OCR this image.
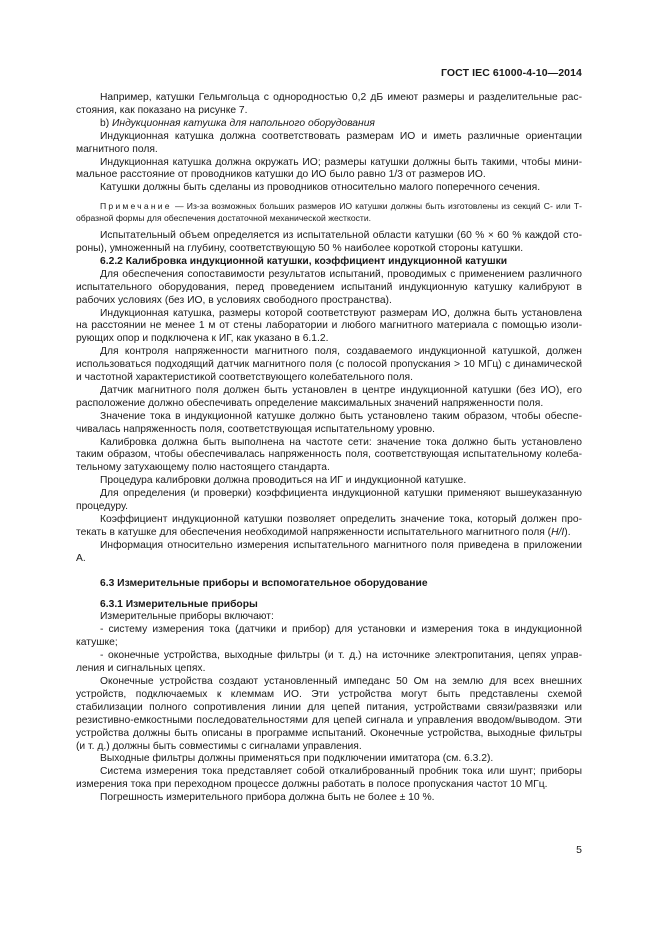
ГОСТ IEC 61000-4-10—2014

Например, катушки Гельмгольца с однородностью 0,2 дБ имеют размеры и разделительные расстояния, как показано на рисунке 7.

b) Индукционная катушка для напольного оборудования

Индукционная катушка должна соответствовать размерам ИО и иметь различные ориентации магнитного поля.

Индукционная катушка должна окружать ИО; размеры катушки должны быть такими, чтобы минимальное расстояние от проводников катушки до ИО было равно 1/3 от размеров ИО.

Катушки должны быть сделаны из проводников относительно малого поперечного сечения.

Примечание — Из-за возможных больших размеров ИО катушки должны быть изготовлены из секций С- или Т-образной формы для обеспечения достаточной механической жесткости.

Испытательный объем определяется из испытательной области катушки (60 % × 60 % каждой стороны), умноженный на глубину, соответствующую 50 % наиболее короткой стороны катушки.

6.2.2 Калибровка индукционной катушки, коэффициент индукционной катушки

Для обеспечения сопоставимости результатов испытаний, проводимых с применением различного испытательного оборудования, перед проведением испытаний индукционную катушку калибруют в рабочих условиях (без ИО, в условиях свободного пространства).

Индукционная катушка, размеры которой соответствуют размерам ИО, должна быть установлена на расстоянии не менее 1 м от стены лаборатории и любого магнитного материала с помощью изолирующих опор и подключена к ИГ, как указано в 6.1.2.

Для контроля напряженности магнитного поля, создаваемого индукционной катушкой, должен использоваться подходящий датчик магнитного поля (с полосой пропускания > 10 МГц) с динамической и частотной характеристикой соответствующего колебательного поля.

Датчик магнитного поля должен быть установлен в центре индукционной катушки (без ИО), его расположение должно обеспечивать определение максимальных значений напряженности поля.

Значение тока в индукционной катушке должно быть установлено таким образом, чтобы обеспечивалась напряженность поля, соответствующая испытательному уровню.

Калибровка должна быть выполнена на частоте сети: значение тока должно быть установлено таким образом, чтобы обеспечивалась напряженность поля, соответствующая испытательному колебательному затухающему полю настоящего стандарта.

Процедура калибровки должна проводиться на ИГ и индукционной катушке.

Для определения (и проверки) коэффициента индукционной катушки применяют вышеуказанную процедуру.

Коэффициент индукционной катушки позволяет определить значение тока, который должен протекать в катушке для обеспечения необходимой напряженности испытательного магнитного поля (H/I).

Информация относительно измерения испытательного магнитного поля приведена в приложении А.

6.3 Измерительные приборы и вспомогательное оборудование

6.3.1 Измерительные приборы

Измерительные приборы включают:

- систему измерения тока (датчики и прибор) для установки и измерения тока в индукционной катушке;

- оконечные устройства, выходные фильтры (и т. д.) на источнике электропитания, цепях управления и сигнальных цепях.

Оконечные устройства создают установленный импеданс 50 Ом на землю для всех внешних устройств, подключаемых к клеммам ИО. Эти устройства могут быть представлены схемой стабилизации полного сопротивления линии для цепей питания, устройствами связи/развязки или резистивно-емкостными последовательностями для цепей сигнала и управления вводом/выводом. Эти устройства должны быть описаны в программе испытаний. Оконечные устройства, выходные фильтры (и т. д.) должны быть совместимы с сигналами управления.

Выходные фильтры должны применяться при подключении имитатора (см. 6.3.2).

Система измерения тока представляет собой откалиброванный пробник тока или шунт; приборы измерения тока при переходном процессе должны работать в полосе пропускания частот 10 МГц.

Погрешность измерительного прибора должна быть не более ± 10 %.

5
